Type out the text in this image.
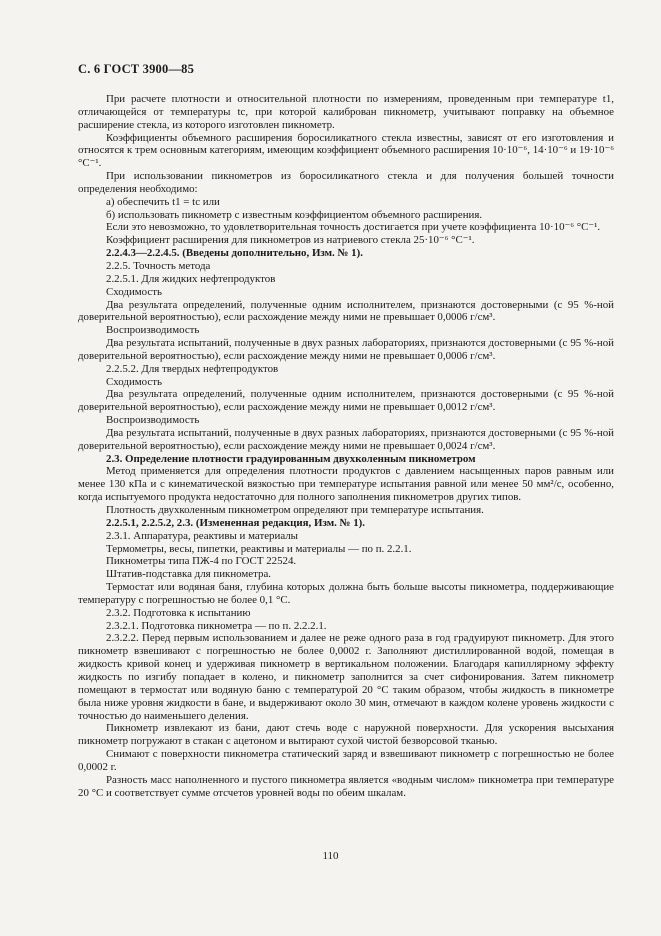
С. 6 ГОСТ 3900—85

При расчете плотности и относительной плотности по измерениям, проведенным при температуре t1, отличающейся от температуры tc, при которой калиброван пикнометр, учитывают поправку на объемное расширение стекла, из которого изготовлен пикнометр.

Коэффициенты объемного расширения боросиликатного стекла известны, зависят от его изготовления и относятся к трем основным категориям, имеющим коэффициент объемного расширения 10·10⁻⁶, 14·10⁻⁶ и 19·10⁻⁶ °С⁻¹.

При использовании пикнометров из боросиликатного стекла и для получения большей точности определения необходимо:

а) обеспечить t1 = tc или

б) использовать пикнометр с известным коэффициентом объемного расширения.

Если это невозможно, то удовлетворительная точность достигается при учете коэффициента 10·10⁻⁶ °С⁻¹.

Коэффициент расширения для пикнометров из натриевого стекла 25·10⁻⁶ °С⁻¹.

2.2.4.3—2.2.4.5. (Введены дополнительно, Изм. № 1).

2.2.5. Точность метода

2.2.5.1. Для жидких нефтепродуктов

Сходимость

Два результата определений, полученные одним исполнителем, признаются достоверными (с 95 %-ной доверительной вероятностью), если расхождение между ними не превышает 0,0006 г/см³.

Воспроизводимость

Два результата испытаний, полученные в двух разных лабораториях, признаются достоверными (с 95 %-ной доверительной вероятностью), если расхождение между ними не превышает 0,0006 г/см³.

2.2.5.2. Для твердых нефтепродуктов

Сходимость

Два результата определений, полученные одним исполнителем, признаются достоверными (с 95 %-ной доверительной вероятностью), если расхождение между ними не превышает 0,0012 г/см³.

Воспроизводимость

Два результата испытаний, полученные в двух разных лабораториях, признаются достоверными (с 95 %-ной доверительной вероятностью), если расхождение между ними не превышает 0,0024 г/см³.

2.3. Определение плотности градуированным двухколенным пикнометром

Метод применяется для определения плотности продуктов с давлением насыщенных паров равным или менее 130 кПа и с кинематической вязкостью при температуре испытания равной или менее 50 мм²/с, особенно, когда испытуемого продукта недостаточно для полного заполнения пикнометров других типов.

Плотность двухколенным пикнометром определяют при температуре испытания.

2.2.5.1, 2.2.5.2, 2.3. (Измененная редакция, Изм. № 1).

2.3.1. Аппаратура, реактивы и материалы

Термометры, весы, пипетки, реактивы и материалы — по п. 2.2.1.

Пикнометры типа ПЖ-4 по ГОСТ 22524.

Штатив-подставка для пикнометра.

Термостат или водяная баня, глубина которых должна быть больше высоты пикнометра, поддерживающие температуру с погрешностью не более 0,1 °С.

2.3.2. Подготовка к испытанию

2.3.2.1. Подготовка пикнометра — по п. 2.2.2.1.

2.3.2.2. Перед первым использованием и далее не реже одного раза в год градуируют пикнометр. Для этого пикнометр взвешивают с погрешностью не более 0,0002 г. Заполняют дистиллированной водой, помещая в жидкость кривой конец и удерживая пикнометр в вертикальном положении. Благодаря капиллярному эффекту жидкость по изгибу попадает в колено, и пикнометр заполнится за счет сифонирования. Затем пикнометр помещают в термостат или водяную баню с температурой 20 °С таким образом, чтобы жидкость в пикнометре была ниже уровня жидкости в бане, и выдерживают около 30 мин, отмечают в каждом колене уровень жидкости с точностью до наименьшего деления.

Пикнометр извлекают из бани, дают стечь воде с наружной поверхности. Для ускорения высыхания пикнометр погружают в стакан с ацетоном и вытирают сухой чистой безворсовой тканью.

Снимают с поверхности пикнометра статический заряд и взвешивают пикнометр с погрешностью не более 0,0002 г.

Разность масс наполненного и пустого пикнометра является «водным числом» пикнометра при температуре 20 °С и соответствует сумме отсчетов уровней воды по обеим шкалам.

110
